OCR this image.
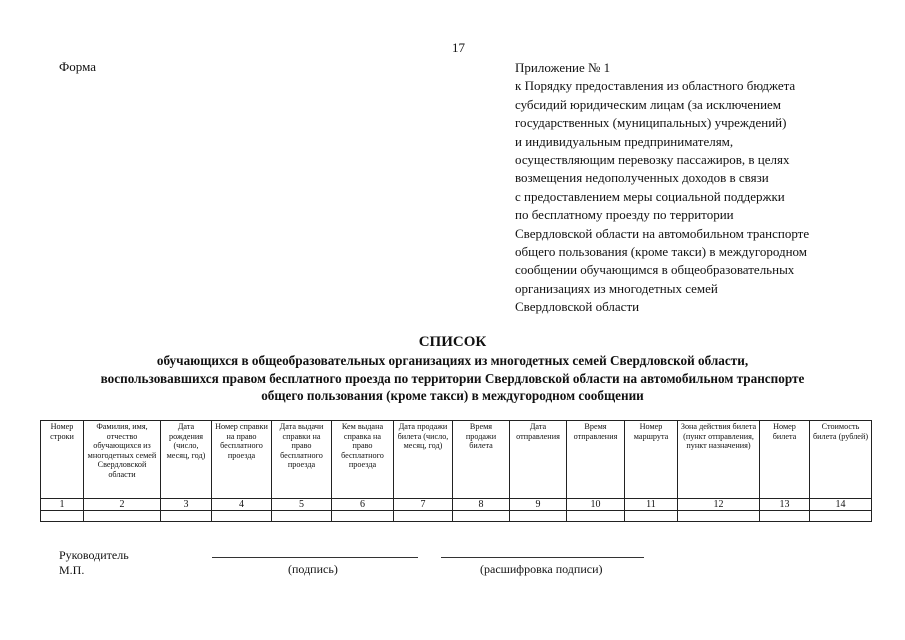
17
Форма	Приложение № 1
к Порядку предоставления из областного бюджета
субсидий юридическим лицам (за исключением
государственных (муниципальных) учреждений)
и индивидуальным предпринимателям,
осуществляющим перевозку пассажиров, в целях
возмещения недополученных доходов в связи
с предоставлением меры социальной поддержки
по бесплатному проезду по территории
Свердловской области на автомобильном транспорте
общего пользования (кроме такси) в междугородном
сообщении обучающимся в общеобразовательных
организациях из многодетных семей
Свердловской области
СПИСОК
обучающихся в общеобразовательных организациях из многодетных семей Свердловской области,
воспользовавшихся правом бесплатного проезда по территории Свердловской области на автомобильном транспорте
общего пользования (кроме такси) в междугородном сообщении
Номер строки	Фамилия, имя, отчество обучающихся из многодетных семей Свердловской области	Дата рождения (число, месяц, год)	Номер справки на право бесплатного проезда	Дата выдачи справки на право бесплатного проезда	Кем выдана справка на право бесплатного проезда	Дата продажи билета (число, месяц, год)	Время продажи билета	Дата отправления	Время отправления	Номер маршрута	Зона действия билета (пункт отправления, пункт назначения)	Номер билета	Стоимость билета (рублей)
1	2	3	4	5	6	7	8	9	10	11	12	13	14

Руководитель
М.П.	(подпись)	(расшифровка подписи)
